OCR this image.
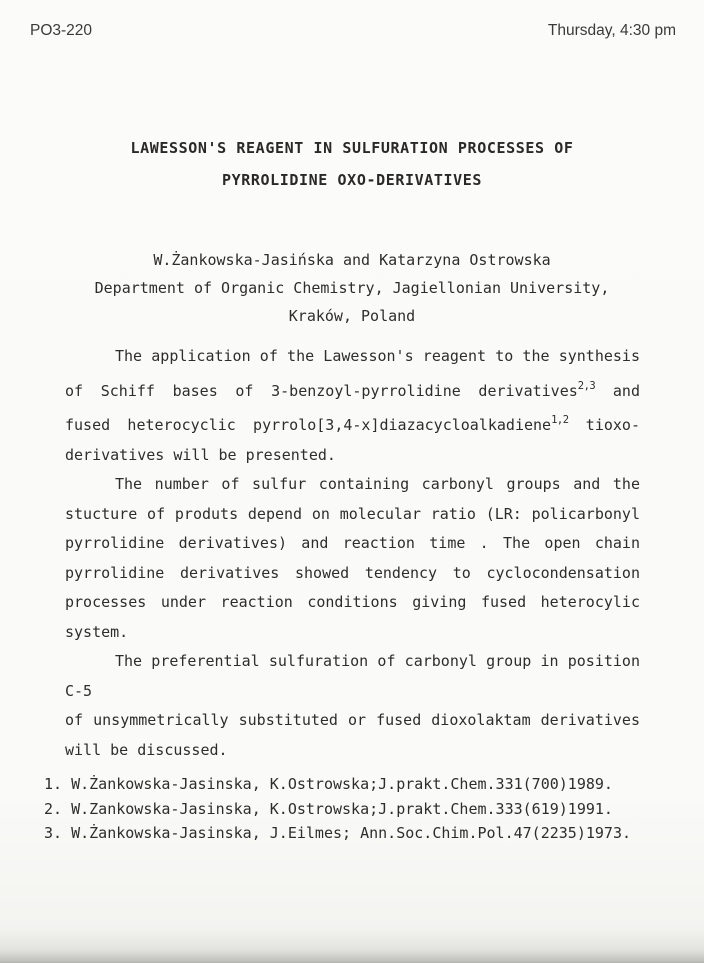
PO3-220	Thursday, 4:30 pm
LAWESSON'S REAGENT IN SULFURATION PROCESSES OF
PYRROLIDINE OXO-DERIVATIVES
W.Żankowska-Jasińska and Katarzyna Ostrowska
Department of Organic Chemistry, Jagiellonian University,
Kraków, Poland
The application of the Lawesson's reagent to the synthesis
of Schiff bases of 3-benzoyl-pyrrolidine derivatives$^{2,3}$ and
fused heterocyclic pyrrolo[3,4-x]diazacycloalkadiene$^{1,2}$ tioxo-
derivatives will be presented.
The number of sulfur containing carbonyl groups and the
stucture of produts depend on molecular ratio (LR: policarbonyl
pyrrolidine derivatives) and reaction time . The open chain
pyrrolidine derivatives showed tendency to cyclocondensation
processes under reaction conditions giving fused heterocylic
system.
The preferential sulfuration of carbonyl group in position C-5
of unsymmetrically substituted or fused dioxolaktam derivatives
will be discussed.
1. W.Żankowska-Jasinska, K.Ostrowska;J.prakt.Chem.331(700)1989.
2. W.Zankowska-Jasinska, K.Ostrowska;J.prakt.Chem.333(619)1991.
3. W.Żankowska-Jasinska, J.Eilmes; Ann.Soc.Chim.Pol.47(2235)1973.
